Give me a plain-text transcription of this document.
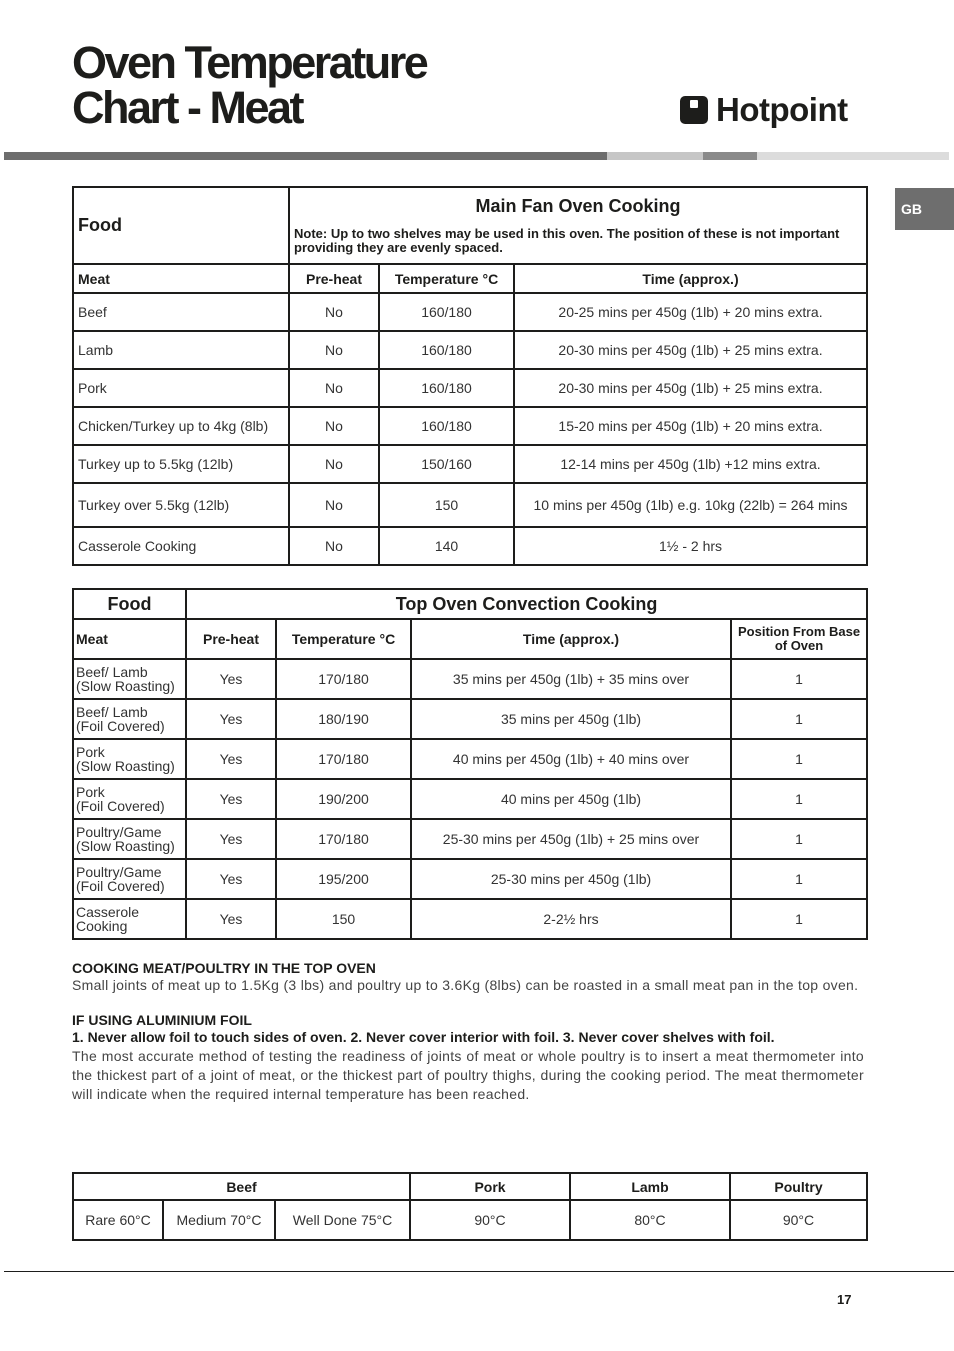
Oven Temperature
Chart - Meat	Hotpoint
GB
Food	Main Fan Oven Cooking
Note: Up to two shelves may be used in this oven. The position of these is not important providing they are evenly spaced.		

Meat	Pre-heat	Temperature °C	Time (approx.)
Beef	No	160/180	20-25 mins per 450g (1lb) + 20 mins extra.
Lamb	No	160/180	20-30 mins per 450g (1lb) + 25 mins extra.
Pork	No	160/180	20-30 mins per 450g (1lb) + 25 mins extra.
Chicken/Turkey up to 4kg (8lb)	No	160/180	15-20 mins per 450g (1lb) + 20 mins extra.
Turkey up to 5.5kg (12lb)	No	150/160	12-14 mins per 450g (1lb) +12 mins extra.
Turkey over 5.5kg (12lb)	No	150	10 mins per 450g (1lb) e.g. 10kg (22lb) = 264 mins
Casserole Cooking	No	140	1½ - 2 hrs
Food	Top Oven Convection Cooking			
Meat	Pre-heat	Temperature °C	Time (approx.)	Position From Base of Oven

Beef/ Lamb
(Slow Roasting)	Yes	170/180	35 mins per 450g (1lb) + 35 mins over	1

Beef/ Lamb
(Foil Covered)	Yes	180/190	35 mins per 450g (1lb)	1

Pork
(Slow Roasting)	Yes	170/180	40 mins per 450g (1lb) + 40 mins over	1

Pork
(Foil Covered)	Yes	190/200	40 mins per 450g (1lb)	1

Poultry/Game
(Slow Roasting)	Yes	170/180	25-30 mins per 450g (1lb) + 25 mins over	1

Poultry/Game
(Foil Covered)	Yes	195/200	25-30 mins per 450g (1lb)	1

Casserole
Cooking	Yes	150	2-2½ hrs	1
COOKING MEAT/POULTRY IN THE TOP OVEN

Small joints of meat up to 1.5Kg (3 lbs) and poultry up to 3.6Kg (8lbs) can be roasted in a small meat pan in the top oven.

IF USING ALUMINIUM FOIL

1. Never allow foil to touch sides of oven. 2. Never cover interior with foil. 3. Never cover shelves with foil.

The most accurate method of testing the readiness of joints of meat or whole poultry is to insert a meat thermometer into the thickest part of a joint of meat, or the thickest part of poultry thighs, during the cooking period. The meat thermometer will indicate when the required internal temperature has been reached.

Beef			Pork	Lamb	Poultry
Rare 60°C	Medium 70°C	Well Done 75°C	90°C	80°C	90°C
17
